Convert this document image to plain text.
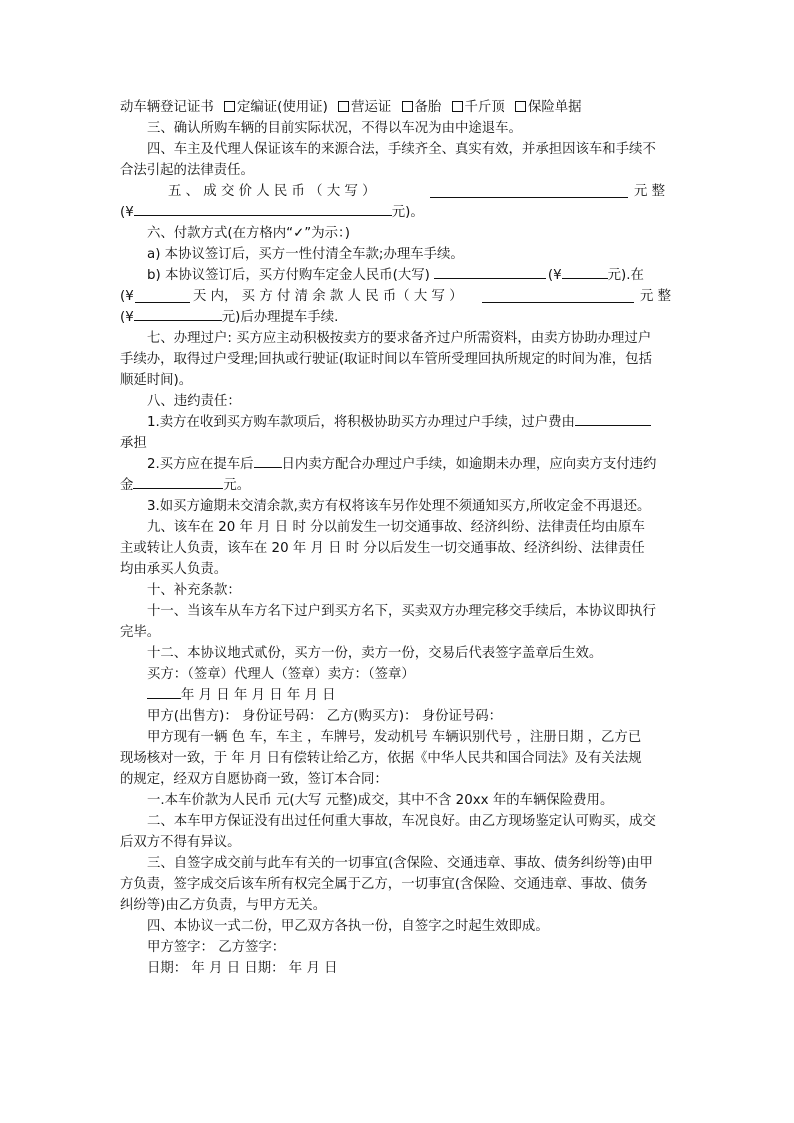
动车辆登记证书 定编证(使用证) 营运证 备胎 千斤顶 保险单据
三、确认所购车辆的目前实际状况，不得以车况为由中途退车。
四、车主及代理人保证该车的来源合法，手续齐全、真实有效，并承担因该车和手续不
合法引起的法律责任。
五 、 成 交 价 人 民 币 （ 大 写 ）	元 整
(¥	元)。
六、付款方式(在方格内“✓”为示：)
a) 本协议签订后，买方一性付清全车款;办理车手续。
b) 本协议签订后，买方付购车定金人民币(大写)	(¥	元).在
(¥	天 内， 买 方 付 清 余 款 人 民 币（ 大 写 ）	元 整
(¥	元)后办理提车手续.
七、办理过户: 买方应主动积极按卖方的要求备齐过户所需资料，由卖方协助办理过户
手续办，取得过户受理;回执或行驶证(取证时间以车管所受理回执所规定的时间为准，包括
顺延时间)。
八、违约责任：
1.卖方在收到买方购车款项后，将积极协助买方办理过户手续，过户费由
承担
2.买方应在提车后 日内卖方配合办理过户手续，如逾期未办理，应向卖方支付违约
金	元。
3.如买方逾期未交清余款,卖方有权将该车另作处理不须通知买方,所收定金不再退还。
九、该车在 20 年 月 日 时 分以前发生一切交通事故、经济纠纷、法律责任均由原车
主或转让人负责，该车在 20 年 月 日 时 分以后发生一切交通事故、经济纠纷、法律责任
均由承买人负责。
十、补充条款：
十一、当该车从车方名下过户到买方名下，买卖双方办理完移交手续后，本协议即执行
完毕。
十二、本协议地式贰份，买方一份，卖方一份，交易后代表签字盖章后生效。
买方：（签章）代理人（签章）卖方：（签章）
年 月 日 年 月 日 年 月 日
甲方(出售方)： 身份证号码： 乙方(购买方)： 身份证号码：
甲方现有一辆 色 车，车主 ，车牌号，发动机号 车辆识别代号 ，注册日期 ，乙方已
现场核对一致，于 年 月 日有偿转让给乙方，依据《中华人民共和国合同法》及有关法规
的规定，经双方自愿协商一致，签订本合同：
一.本车价款为人民币 元(大写 元整)成交，其中不含 20xx 年的车辆保险费用。
二、本车甲方保证没有出过任何重大事故，车况良好。由乙方现场鉴定认可购买，成交
后双方不得有异议。
三、自签字成交前与此车有关的一切事宜(含保险、交通违章、事故、债务纠纷等)由甲
方负责，签字成交后该车所有权完全属于乙方，一切事宜(含保险、交通违章、事故、债务
纠纷等)由乙方负责，与甲方无关。
四、本协议一式二份，甲乙双方各执一份，自签字之时起生效即成。
甲方签字： 乙方签字：
日期： 年 月 日 日期： 年 月 日
